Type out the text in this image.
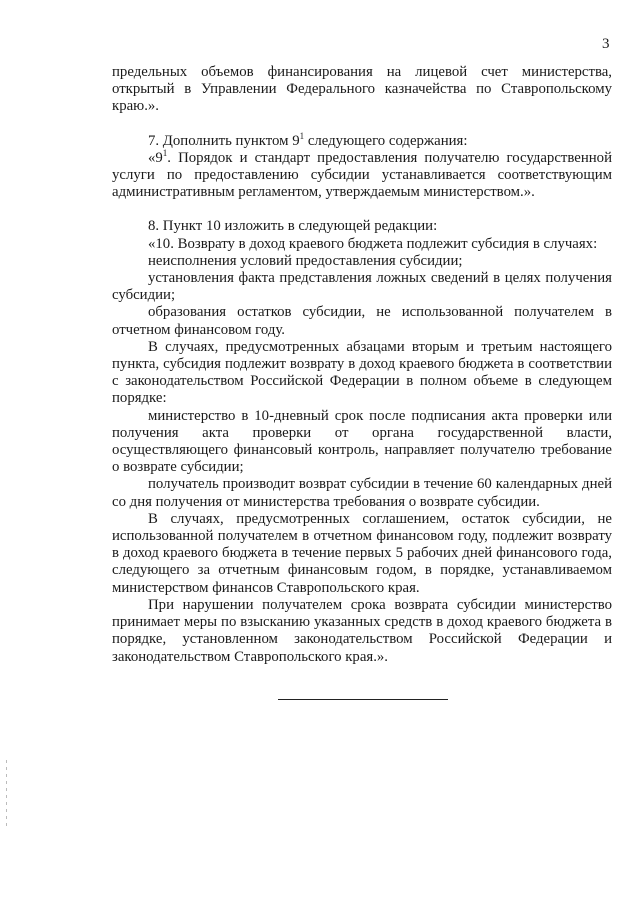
3

предельных объемов финансирования на лицевой счет министерства, открытый в Управлении Федерального казначейства по Ставропольскому краю.».

7. Дополнить пунктом $9^1$ следующего содержания:

«$9^1$. Порядок и стандарт предоставления получателю государственной услуги по предоставлению субсидии устанавливается соответствующим административным регламентом, утверждаемым министерством.».

8. Пункт 10 изложить в следующей редакции:

«10. Возврату в доход краевого бюджета подлежит субсидия в случаях:

неисполнения условий предоставления субсидии;

установления факта представления ложных сведений в целях получения субсидии;

образования остатков субсидии, не использованной получателем в отчетном финансовом году.

В случаях, предусмотренных абзацами вторым и третьим настоящего пункта, субсидия подлежит возврату в доход краевого бюджета в соответствии с законодательством Российской Федерации в полном объеме в следующем порядке:

министерство в 10-дневный срок после подписания акта проверки или получения акта проверки от органа государственной власти, осуществляющего финансовый контроль, направляет получателю требование о возврате субсидии;

получатель производит возврат субсидии в течение 60 календарных дней со дня получения от министерства требования о возврате субсидии.

В случаях, предусмотренных соглашением, остаток субсидии, не использованной получателем в отчетном финансовом году, подлежит возврату в доход краевого бюджета в течение первых 5 рабочих дней финансового года, следующего за отчетным финансовым годом, в порядке, устанавливаемом министерством финансов Ставропольского края.

При нарушении получателем срока возврата субсидии министерство принимает меры по взысканию указанных средств в доход краевого бюджета в порядке, установленном законодательством Российской Федерации и законодательством Ставропольского края.».
